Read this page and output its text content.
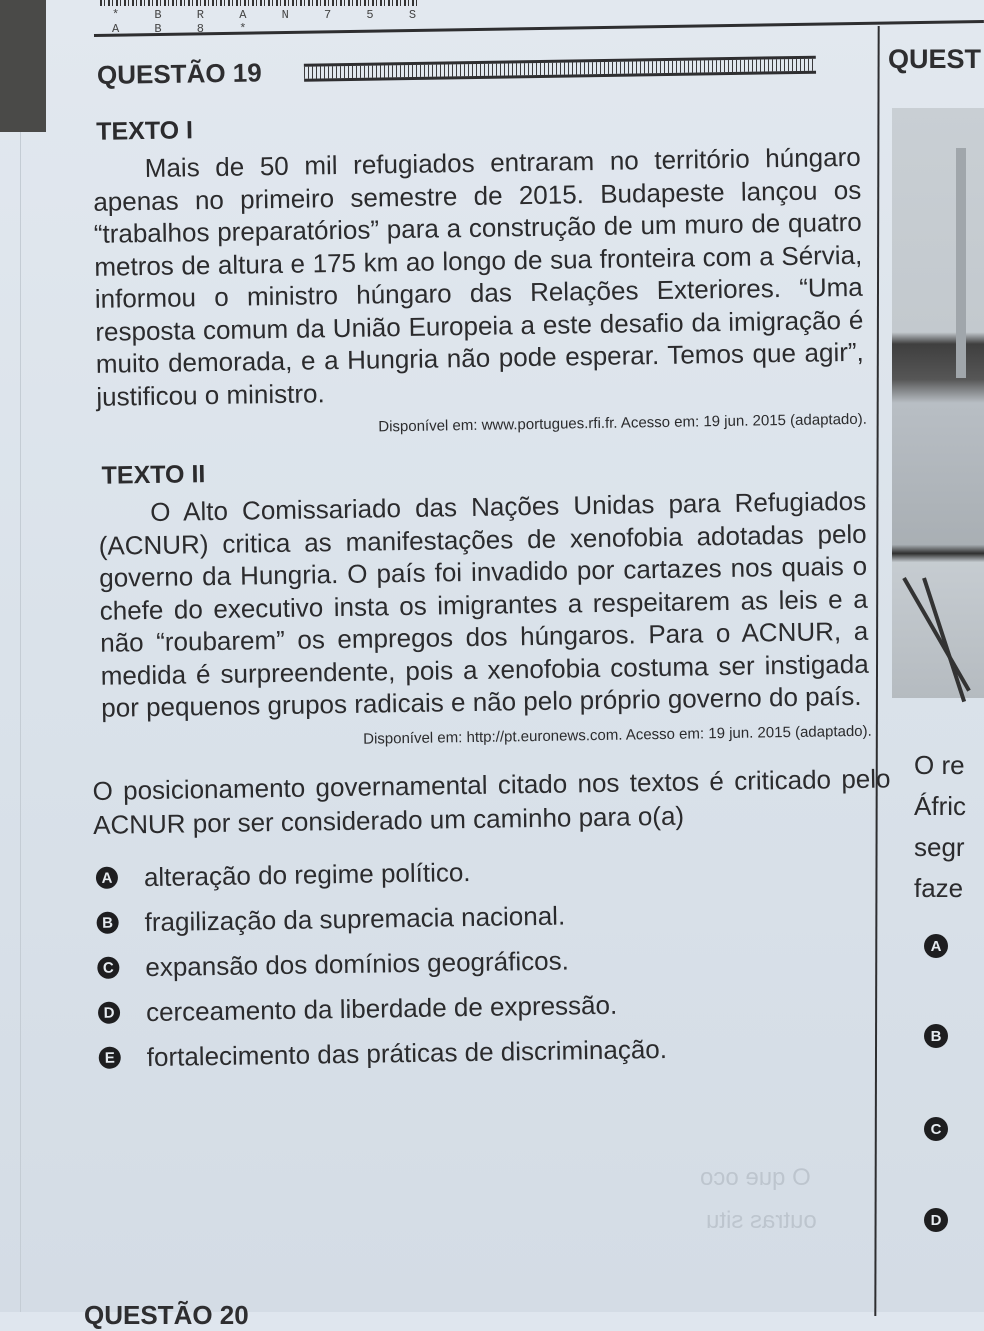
* B R A N 7 5 S A B 8 *
QUESTÃO 19
TEXTO I

Mais de 50 mil refugiados entraram no território húngaro apenas no primeiro semestre de 2015. Budapeste lançou os “trabalhos preparatórios” para a construção de um muro de quatro metros de altura e 175 km ao longo de sua fronteira com a Sérvia, informou o ministro húngaro das Relações Exteriores. “Uma resposta comum da União Europeia a este desafio da imigração é muito demorada, e a Hungria não pode esperar. Temos que agir”, justificou o ministro.

Disponível em: www.portugues.rfi.fr. Acesso em: 19 jun. 2015 (adaptado).
TEXTO II

O Alto Comissariado das Nações Unidas para Refugiados (ACNUR) critica as manifestações de xenofobia adotadas pelo governo da Hungria. O país foi invadido por cartazes nos quais o chefe do executivo insta os imigrantes a respeitarem as leis e a não “roubarem” os empregos dos húngaros. Para o ACNUR, a medida é surpreendente, pois a xenofobia costuma ser instigada por pequenos grupos radicais e não pelo próprio governo do país.

Disponível em: http://pt.euronews.com. Acesso em: 19 jun. 2015 (adaptado).

O posicionamento governamental citado nos textos é criticado pelo ACNUR por ser considerado um caminho para o(a)

A alteração do regime político.
B fragilização da supremacia nacional.
C expansão dos domínios geográficos.
D cerceamento da liberdade de expressão.
E fortalecimento das práticas de discriminação.
O que oco
outras situ
QUEST
O re
Áfric
segr
faze
A
B
C
D
QUESTÃO 20
